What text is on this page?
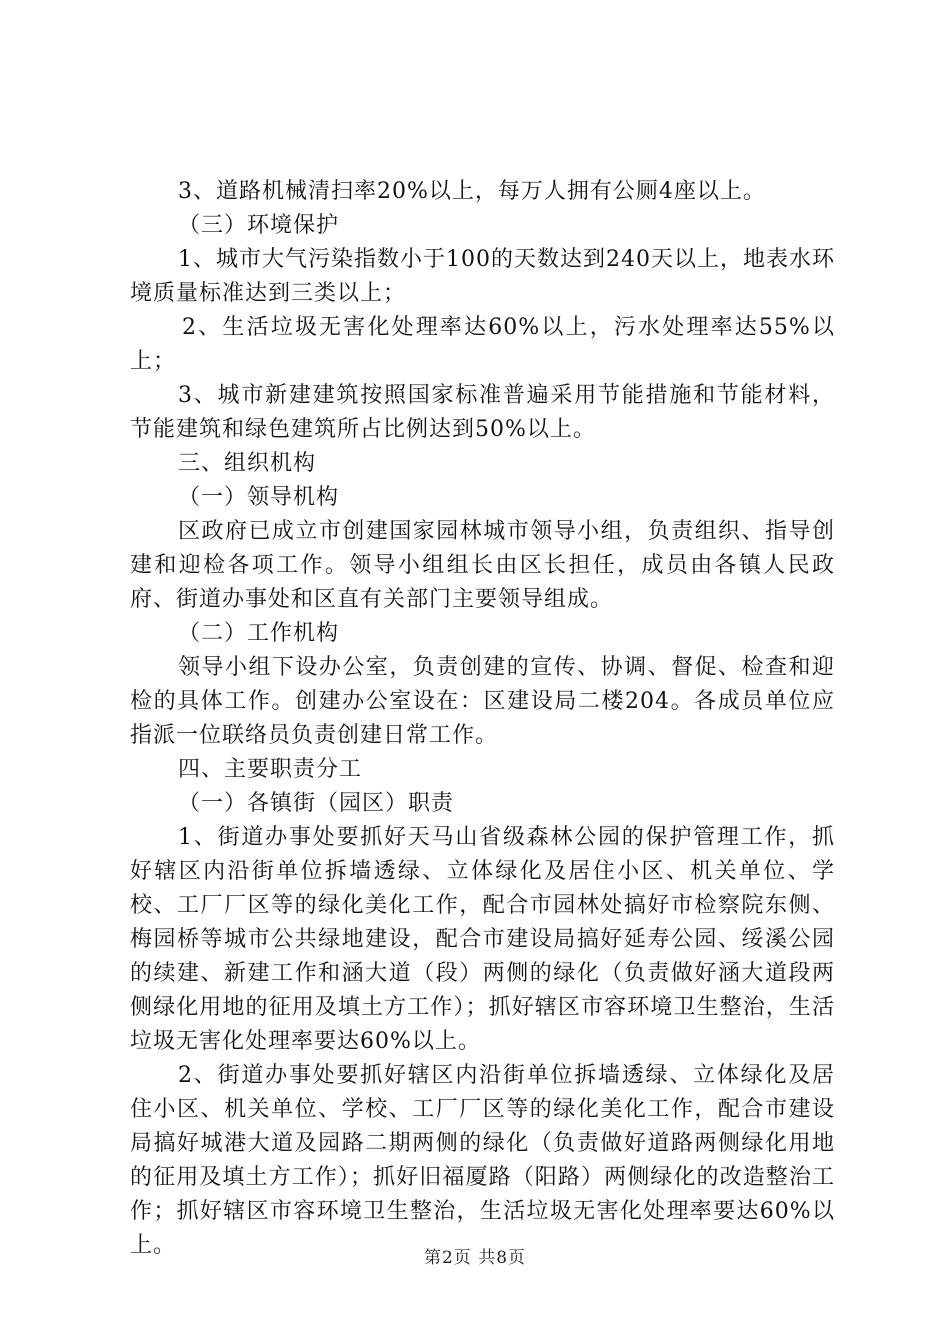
3、道路机械清扫率20%以上，每万人拥有公厕4座以上。

（三）环境保护

1、城市大气污染指数小于100的天数达到240天以上，地表水环境质量标准达到三类以上；

2、生活垃圾无害化处理率达60%以上，污水处理率达55%以上；

3、城市新建建筑按照国家标准普遍采用节能措施和节能材料，节能建筑和绿色建筑所占比例达到50%以上。

三、组织机构

（一）领导机构

区政府已成立市创建国家园林城市领导小组，负责组织、指导创建和迎检各项工作。领导小组组长由区长担任，成员由各镇人民政府、街道办事处和区直有关部门主要领导组成。

（二）工作机构

领导小组下设办公室，负责创建的宣传、协调、督促、检查和迎检的具体工作。创建办公室设在：区建设局二楼204。各成员单位应指派一位联络员负责创建日常工作。

四、主要职责分工

（一）各镇街（园区）职责

1、街道办事处要抓好天马山省级森林公园的保护管理工作，抓好辖区内沿街单位拆墙透绿、立体绿化及居住小区、机关单位、学校、工厂厂区等的绿化美化工作，配合市园林处搞好市检察院东侧、梅园桥等城市公共绿地建设，配合市建设局搞好延寿公园、绥溪公园的续建、新建工作和涵大道（段）两侧的绿化（负责做好涵大道段两侧绿化用地的征用及填土方工作）；抓好辖区市容环境卫生整治，生活垃圾无害化处理率要达60%以上。

2、街道办事处要抓好辖区内沿街单位拆墙透绿、立体绿化及居住小区、机关单位、学校、工厂厂区等的绿化美化工作，配合市建设局搞好城港大道及园路二期两侧的绿化（负责做好道路两侧绿化用地的征用及填土方工作）；抓好旧福厦路（阳路）两侧绿化的改造整治工作；抓好辖区市容环境卫生整治，生活垃圾无害化处理率要达60%以上。	第2页 共8页
